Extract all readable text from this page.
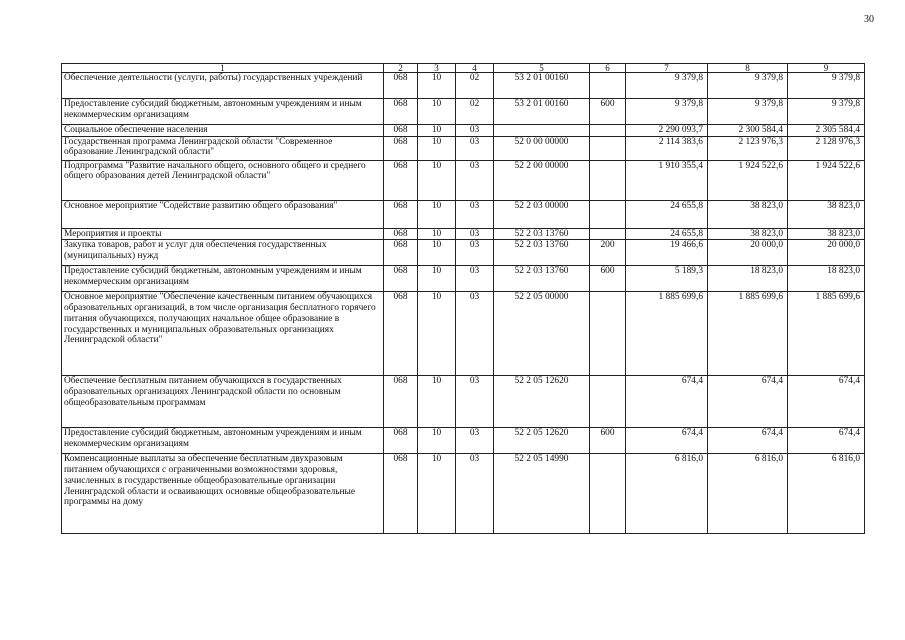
30
1	2	3	4	5	6	7	8	9
Обеспечение деятельности (услуги, работы) государственных учреждений	068	10	02	53 2 01 00160		9 379,8	9 379,8	9 379,8
Предоставление субсидий бюджетным, автономным учреждениям и иным некоммерческим организациям	068	10	02	53 2 01 00160	600	9 379,8	9 379,8	9 379,8
Социальное обеспечение населения	068	10	03			2 290 093,7	2 300 584,4	2 305 584,4
Государственная программа Ленинградской области "Современное образование Ленинградской области"	068	10	03	52 0 00 00000		2 114 383,6	2 123 976,3	2 128 976,3
Подпрограмма "Развитие начального общего, основного общего и среднего общего образования детей Ленинградской области"	068	10	03	52 2 00 00000		1 910 355,4	1 924 522,6	1 924 522,6
Основное мероприятие "Содействие развитию общего образования"	068	10	03	52 2 03 00000		24 655,8	38 823,0	38 823,0
Мероприятия и проекты	068	10	03	52 2 03 13760		24 655,8	38 823,0	38 823,0
Закупка товаров, работ и услуг для обеспечения государственных (муниципальных) нужд	068	10	03	52 2 03 13760	200	19 466,6	20 000,0	20 000,0
Предоставление субсидий бюджетным, автономным учреждениям и иным некоммерческим организациям	068	10	03	52 2 03 13760	600	5 189,3	18 823,0	18 823,0
Основное мероприятие "Обеспечение качественным питанием обучающихся образовательных организаций, в том числе организация бесплатного горячего питания обучающихся, получающих начальное общее образование в государственных и муниципальных образовательных организациях Ленинградской области"	068	10	03	52 2 05 00000		1 885 699,6	1 885 699,6	1 885 699,6
Обеспечение бесплатным питанием обучающихся в государственных образовательных организациях Ленинградской области по основным общеобразовательным программам	068	10	03	52 2 05 12620		674,4	674,4	674,4
Предоставление субсидий бюджетным, автономным учреждениям и иным некоммерческим организациям	068	10	03	52 2 05 12620	600	674,4	674,4	674,4
Компенсационные выплаты за обеспечение бесплатным двухразовым питанием обучающихся с ограниченными возможностями здоровья, зачисленных в государственные общеобразовательные организации Ленинградской области и осваивающих основные общеобразовательные программы на дому	068	10	03	52 2 05 14990		6 816,0	6 816,0	6 816,0
